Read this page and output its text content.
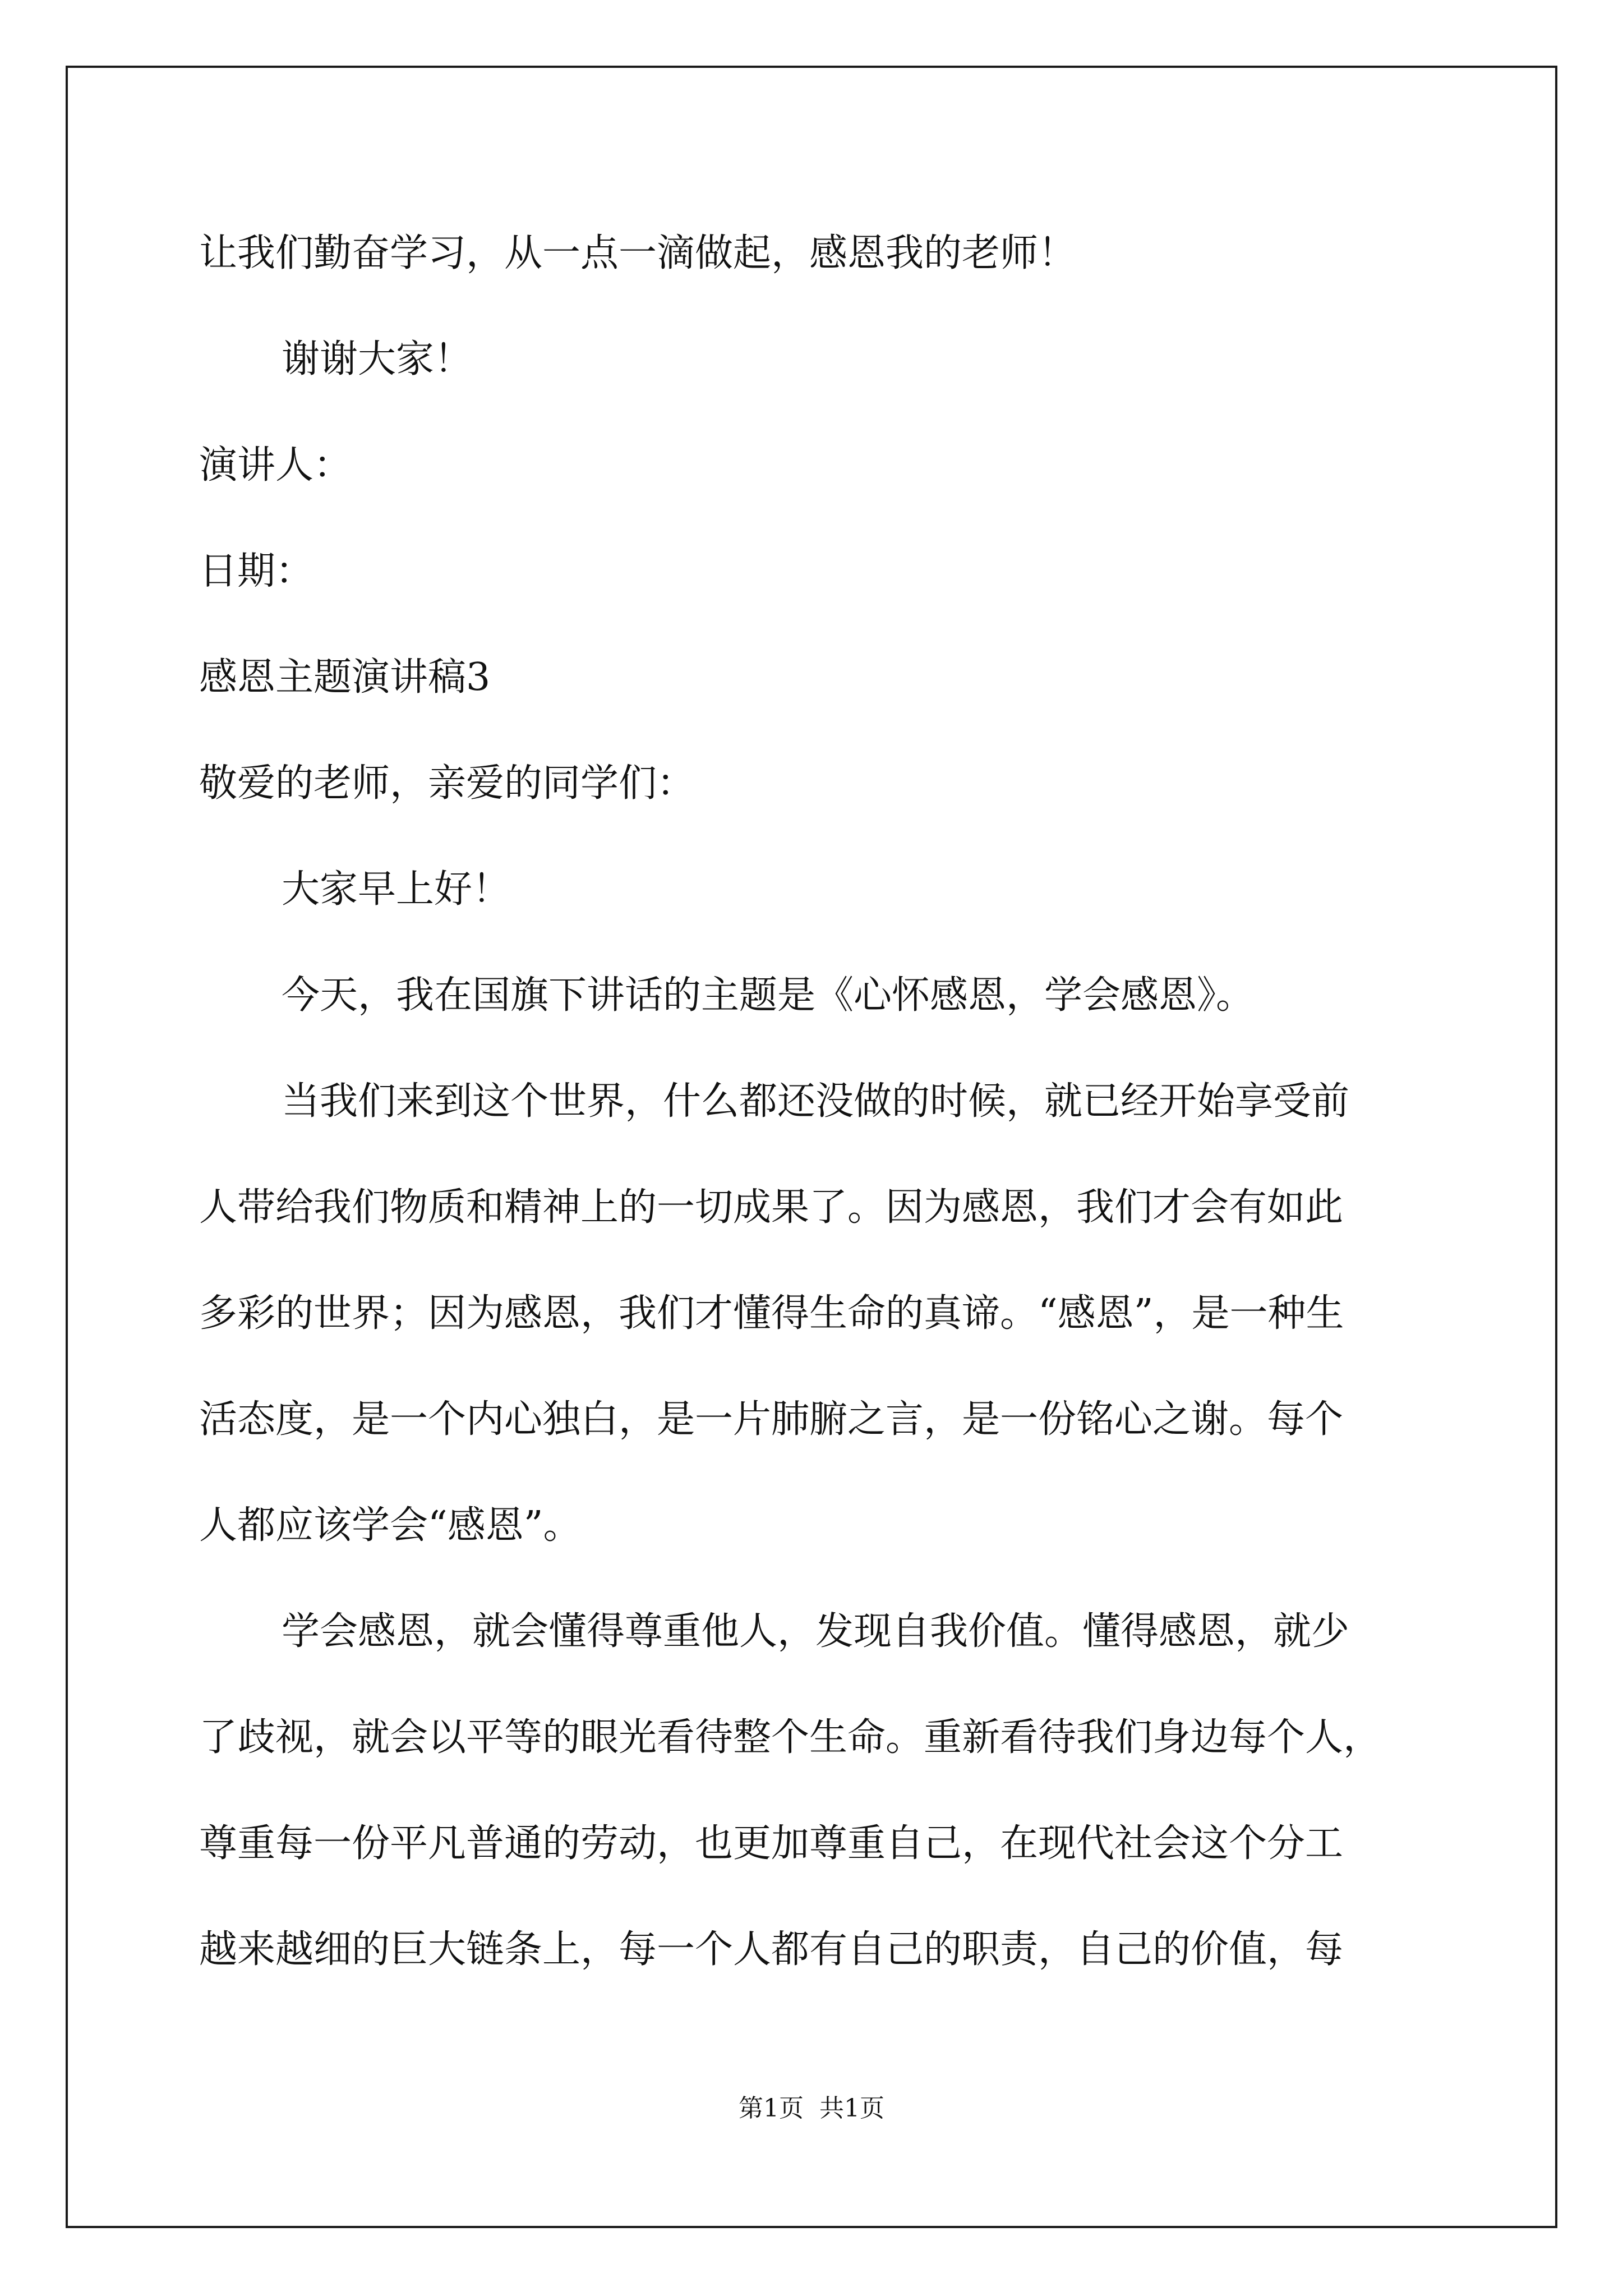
让我们勤奋学习，从一点一滴做起，感恩我的老师！
谢谢大家！
演讲人：
日期：
感恩主题演讲稿3
敬爱的老师，亲爱的同学们：
大家早上好！
今天，我在国旗下讲话的主题是《心怀感恩，学会感恩》。
当我们来到这个世界，什么都还没做的时候，就已经开始享受前
人带给我们物质和精神上的一切成果了。因为感恩，我们才会有如此
多彩的世界；因为感恩，我们才懂得生命的真谛。“感恩”，是一种生
活态度，是一个内心独白，是一片肺腑之言，是一份铭心之谢。每个
人都应该学会“感恩”。
学会感恩，就会懂得尊重他人，发现自我价值。懂得感恩，就少
了歧视，就会以平等的眼光看待整个生命。重新看待我们身边每个人，
尊重每一份平凡普通的劳动，也更加尊重自己，在现代社会这个分工
越来越细的巨大链条上，每一个人都有自己的职责，自己的价值，每
第1页  共1页
